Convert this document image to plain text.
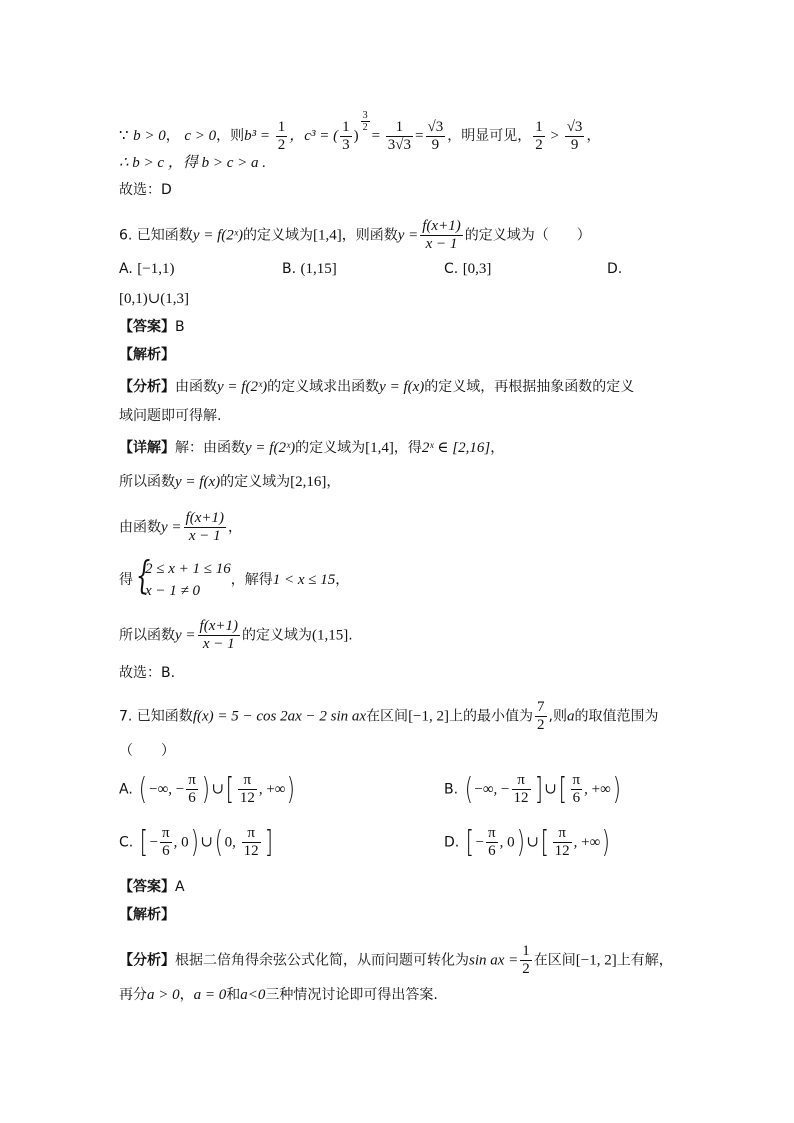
∵ b > 0， c > 0，则$b^3 = \frac{1}{2}$ ，c³ = ( $\frac{1}{3}$ )
$\frac{3}{2}$
= $\frac{1}{3√3} = \frac{√3}{9}$ ，明显可见， $\frac{1}{2} > \frac{√3}{9}$ ，
∴ b > c ，得 b > c > a .
故选：D
6. 已知函数y = f(2ˣ)的定义域为[1,4]，则函数$y = \frac{f(x+1)}{x - 1}$ 的定义域为（　　）
A. [−1,1)	B. (1,15]	C. [0,3]	D.
[0,1)∪(1,3]
【答案】B
【解析】
【分析】由函数y = f(2ˣ)的定义域求出函数y = f(x)的定义域，再根据抽象函数的定义
域问题即可得解.
【详解】解：由函数y = f(2ˣ)的定义域为[1,4]，得2ˣ ∈ [2,16]，
所以函数y = f(x)的定义域为[2,16]，
由函数$y = \frac{f(x+1)}{x - 1}$ ，
得
{ 2 ≤ x + 1 ≤ 16
x − 1 ≠ 0
，解得1 < x ≤ 15，
所以函数$y = \frac{f(x+1)}{x - 1}$ 的定义域为(1,15].
故选：B.
7. 已知函数f(x) = 5 − cos 2ax − 2 sin ax在区间[−1, 2]上的最小值为 $\frac{7}{2}$ ,则a的取值范围为
（　　）
A. ( −∞, − $\frac{\pi}{6}$ ) ∪[ $\frac{\pi}{12}$ , +∞)	B. ( −∞, − $\frac{\pi}{12}$ ] ∪[ $\frac{\pi}{6}$ , +∞)
C. [ − $\frac{\pi}{6}$ , 0) ∪( 0, $\frac{\pi}{12}$ ]	D. [ − $\frac{\pi}{6}$ , 0) ∪[ $\frac{\pi}{12}$ , +∞)
【答案】A
【解析】
【分析】根据二倍角得余弦公式化简，从而问题可转化为sin ax = $\frac{1}{2}$ 在区间[−1, 2]上有解，
再分a > 0，a = 0和a<0三种情况讨论即可得出答案.
